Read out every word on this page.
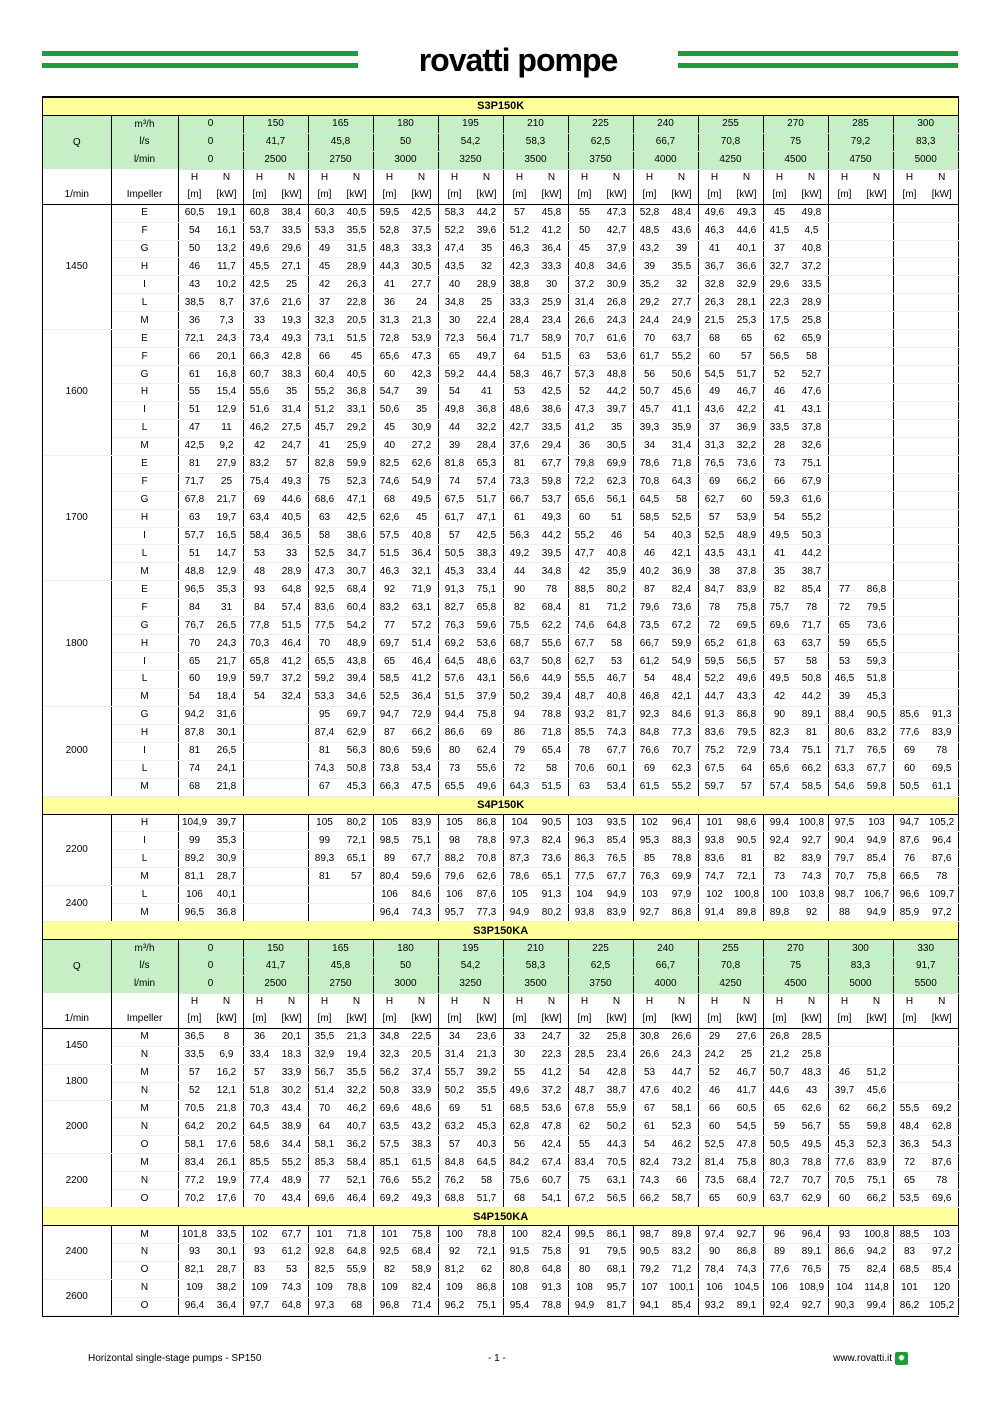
rovatti pompe
S3P150K																									
Q	m³/h	0		150		165		180		195		210		225		240		255		270		285		300	
	l/s	0		41,7		45,8		50		54,2		58,3		62,5		66,7		70,8		75		79,2		83,3	
	l/min	0		2500		2750		3000		3250		3500		3750		4000		4250		4500		4750		5000	
		H	N	H	N	H	N	H	N	H	N	H	N	H	N	H	N	H	N	H	N	H	N	H	N
1/min	Impeller	[m]	[kW]	[m]	[kW]	[m]	[kW]	[m]	[kW]	[m]	[kW]	[m]	[kW]	[m]	[kW]	[m]	[kW]	[m]	[kW]	[m]	[kW]	[m]	[kW]	[m]	[kW]
1450	E	60,5	19,1	60,8	38,4	60,3	40,5	59,5	42,5	58,3	44,2	57	45,8	55	47,3	52,8	48,4	49,6	49,3	45	49,8				
	F	54	16,1	53,7	33,5	53,3	35,5	52,8	37,5	52,2	39,6	51,2	41,2	50	42,7	48,5	43,6	46,3	44,6	41,5	4,5				
	G	50	13,2	49,6	29,6	49	31,5	48,3	33,3	47,4	35	46,3	36,4	45	37,9	43,2	39	41	40,1	37	40,8				
	H	46	11,7	45,5	27,1	45	28,9	44,3	30,5	43,5	32	42,3	33,3	40,8	34,6	39	35,5	36,7	36,6	32,7	37,2				
	I	43	10,2	42,5	25	42	26,3	41	27,7	40	28,9	38,8	30	37,2	30,9	35,2	32	32,8	32,9	29,6	33,5				
	L	38,5	8,7	37,6	21,6	37	22,8	36	24	34,8	25	33,3	25,9	31,4	26,8	29,2	27,7	26,3	28,1	22,3	28,9				
	M	36	7,3	33	19,3	32,3	20,5	31,3	21,3	30	22,4	28,4	23,4	26,6	24,3	24,4	24,9	21,5	25,3	17,5	25,8				
1600	E	72,1	24,3	73,4	49,3	73,1	51,5	72,8	53,9	72,3	56,4	71,7	58,9	70,7	61,6	70	63,7	68	65	62	65,9				
	F	66	20,1	66,3	42,8	66	45	65,6	47,3	65	49,7	64	51,5	63	53,6	61,7	55,2	60	57	56,5	58				
	G	61	16,8	60,7	38,3	60,4	40,5	60	42,3	59,2	44,4	58,3	46,7	57,3	48,8	56	50,6	54,5	51,7	52	52,7				
	H	55	15,4	55,6	35	55,2	36,8	54,7	39	54	41	53	42,5	52	44,2	50,7	45,6	49	46,7	46	47,6				
	I	51	12,9	51,6	31,4	51,2	33,1	50,6	35	49,8	36,8	48,6	38,6	47,3	39,7	45,7	41,1	43,6	42,2	41	43,1				
	L	47	11	46,2	27,5	45,7	29,2	45	30,9	44	32,2	42,7	33,5	41,2	35	39,3	35,9	37	36,9	33,5	37,8				
	M	42,5	9,2	42	24,7	41	25,9	40	27,2	39	28,4	37,6	29,4	36	30,5	34	31,4	31,3	32,2	28	32,6				
1700	E	81	27,9	83,2	57	82,8	59,9	82,5	62,6	81,8	65,3	81	67,7	79,8	69,9	78,6	71,8	76,5	73,6	73	75,1				
	F	71,7	25	75,4	49,3	75	52,3	74,6	54,9	74	57,4	73,3	59,8	72,2	62,3	70,8	64,3	69	66,2	66	67,9				
	G	67,8	21,7	69	44,6	68,6	47,1	68	49,5	67,5	51,7	66,7	53,7	65,6	56,1	64,5	58	62,7	60	59,3	61,6				
	H	63	19,7	63,4	40,5	63	42,5	62,6	45	61,7	47,1	61	49,3	60	51	58,5	52,5	57	53,9	54	55,2				
	I	57,7	16,5	58,4	36,5	58	38,6	57,5	40,8	57	42,5	56,3	44,2	55,2	46	54	40,3	52,5	48,9	49,5	50,3				
	L	51	14,7	53	33	52,5	34,7	51,5	36,4	50,5	38,3	49,2	39,5	47,7	40,8	46	42,1	43,5	43,1	41	44,2				
	M	48,8	12,9	48	28,9	47,3	30,7	46,3	32,1	45,3	33,4	44	34,8	42	35,9	40,2	36,9	38	37,8	35	38,7				
1800	E	96,5	35,3	93	64,8	92,5	68,4	92	71,9	91,3	75,1	90	78	88,5	80,2	87	82,4	84,7	83,9	82	85,4	77	86,8		
	F	84	31	84	57,4	83,6	60,4	83,2	63,1	82,7	65,8	82	68,4	81	71,2	79,6	73,6	78	75,8	75,7	78	72	79,5		
	G	76,7	26,5	77,8	51,5	77,5	54,2	77	57,2	76,3	59,6	75,5	62,2	74,6	64,8	73,5	67,2	72	69,5	69,6	71,7	65	73,6		
	H	70	24,3	70,3	46,4	70	48,9	69,7	51,4	69,2	53,6	68,7	55,6	67,7	58	66,7	59,9	65,2	61,8	63	63,7	59	65,5		
	I	65	21,7	65,8	41,2	65,5	43,8	65	46,4	64,5	48,6	63,7	50,8	62,7	53	61,2	54,9	59,5	56,5	57	58	53	59,3		
	L	60	19,9	59,7	37,2	59,2	39,4	58,5	41,2	57,6	43,1	56,6	44,9	55,5	46,7	54	48,4	52,2	49,6	49,5	50,8	46,5	51,8		
	M	54	18,4	54	32,4	53,3	34,6	52,5	36,4	51,5	37,9	50,2	39,4	48,7	40,8	46,8	42,1	44,7	43,3	42	44,2	39	45,3		
2000	G	94,2	31,6			95	69,7	94,7	72,9	94,4	75,8	94	78,8	93,2	81,7	92,3	84,6	91,3	86,8	90	89,1	88,4	90,5	85,6	91,3
	H	87,8	30,1			87,4	62,9	87	66,2	86,6	69	86	71,8	85,5	74,3	84,8	77,3	83,6	79,5	82,3	81	80,6	83,2	77,6	83,9
	I	81	26,5			81	56,3	80,6	59,6	80	62,4	79	65,4	78	67,7	76,6	70,7	75,2	72,9	73,4	75,1	71,7	76,5	69	78
	L	74	24,1			74,3	50,8	73,8	53,4	73	55,6	72	58	70,6	60,1	69	62,3	67,5	64	65,6	66,2	63,3	67,7	60	69,5
	M	68	21,8			67	45,3	66,3	47,5	65,5	49,6	64,3	51,5	63	53,4	61,5	55,2	59,7	57	57,4	58,5	54,6	59,8	50,5	61,1
S4P150K																									
2200	H	104,9	39,7			105	80,2	105	83,9	105	86,8	104	90,5	103	93,5	102	96,4	101	98,6	99,4	100,8	97,5	103	94,7	105,2
	I	99	35,3			99	72,1	98,5	75,1	98	78,8	97,3	82,4	96,3	85,4	95,3	88,3	93,8	90,5	92,4	92,7	90,4	94,9	87,6	96,4
	L	89,2	30,9			89,3	65,1	89	67,7	88,2	70,8	87,3	73,6	86,3	76,5	85	78,8	83,6	81	82	83,9	79,7	85,4	76	87,6
	M	81,1	28,7			81	57	80,4	59,6	79,6	62,6	78,6	65,1	77,5	67,7	76,3	69,9	74,7	72,1	73	74,3	70,7	75,8	66,5	78
2400	L	106	40,1					106	84,6	106	87,6	105	91,3	104	94,9	103	97,9	102	100,8	100	103,8	98,7	106,7	96,6	109,7
	M	96,5	36,8					96,4	74,3	95,7	77,3	94,9	80,2	93,8	83,9	92,7	86,8	91,4	89,8	89,8	92	88	94,9	85,9	97,2
S3P150KA																									
Q	m³/h	0		150		165		180		195		210		225		240		255		270		300		330	
	l/s	0		41,7		45,8		50		54,2		58,3		62,5		66,7		70,8		75		83,3		91,7	
	l/min	0		2500		2750		3000		3250		3500		3750		4000		4250		4500		5000		5500	
		H	N	H	N	H	N	H	N	H	N	H	N	H	N	H	N	H	N	H	N	H	N	H	N
1/min	Impeller	[m]	[kW]	[m]	[kW]	[m]	[kW]	[m]	[kW]	[m]	[kW]	[m]	[kW]	[m]	[kW]	[m]	[kW]	[m]	[kW]	[m]	[kW]	[m]	[kW]	[m]	[kW]
1450	M	36,5	8	36	20,1	35,5	21,3	34,8	22,5	34	23,6	33	24,7	32	25,8	30,8	26,6	29	27,6	26,8	28,5				
	N	33,5	6,9	33,4	18,3	32,9	19,4	32,3	20,5	31,4	21,3	30	22,3	28,5	23,4	26,6	24,3	24,2	25	21,2	25,8				
1800	M	57	16,2	57	33,9	56,7	35,5	56,2	37,4	55,7	39,2	55	41,2	54	42,8	53	44,7	52	46,7	50,7	48,3	46	51,2		
	N	52	12,1	51,8	30,2	51,4	32,2	50,8	33,9	50,2	35,5	49,6	37,2	48,7	38,7	47,6	40,2	46	41,7	44,6	43	39,7	45,6		
2000	M	70,5	21,8	70,3	43,4	70	46,2	69,6	48,6	69	51	68,5	53,6	67,8	55,9	67	58,1	66	60,5	65	62,6	62	66,2	55,5	69,2
	N	64,2	20,2	64,5	38,9	64	40,7	63,5	43,2	63,2	45,3	62,8	47,8	62	50,2	61	52,3	60	54,5	59	56,7	55	59,8	48,4	62,8
	O	58,1	17,6	58,6	34,4	58,1	36,2	57,5	38,3	57	40,3	56	42,4	55	44,3	54	46,2	52,5	47,8	50,5	49,5	45,3	52,3	36,3	54,3
2200	M	83,4	26,1	85,5	55,2	85,3	58,4	85,1	61,5	84,8	64,5	84,2	67,4	83,4	70,5	82,4	73,2	81,4	75,8	80,3	78,8	77,6	83,9	72	87,6
	N	77,2	19,9	77,4	48,9	77	52,1	76,6	55,2	76,2	58	75,6	60,7	75	63,1	74,3	66	73,5	68,4	72,7	70,7	70,5	75,1	65	78
	O	70,2	17,6	70	43,4	69,6	46,4	69,2	49,3	68,8	51,7	68	54,1	67,2	56,5	66,2	58,7	65	60,9	63,7	62,9	60	66,2	53,5	69,6
S4P150KA																									
2400	M	101,8	33,5	102	67,7	101	71,8	101	75,8	100	78,8	100	82,4	99,5	86,1	98,7	89,8	97,4	92,7	96	96,4	93	100,8	88,5	103
	N	93	30,1	93	61,2	92,8	64,8	92,5	68,4	92	72,1	91,5	75,8	91	79,5	90,5	83,2	90	86,8	89	89,1	86,6	94,2	83	97,2
	O	82,1	28,7	83	53	82,5	55,9	82	58,9	81,2	62	80,8	64,8	80	68,1	79,2	71,2	78,4	74,3	77,6	76,5	75	82,4	68,5	85,4
2600	N	109	38,2	109	74,3	109	78,8	109	82,4	109	86,8	108	91,3	108	95,7	107	100,1	106	104,5	106	108,9	104	114,8	101	120
	O	96,4	36,4	97,7	64,8	97,3	68	96,8	71,4	96,2	75,1	95,4	78,8	94,9	81,7	94,1	85,4	93,2	89,1	92,4	92,7	90,3	99,4	86,2	105,2
Horizontal single-stage pumps - SP150	- 1 -	www.rovatti.it ✹
